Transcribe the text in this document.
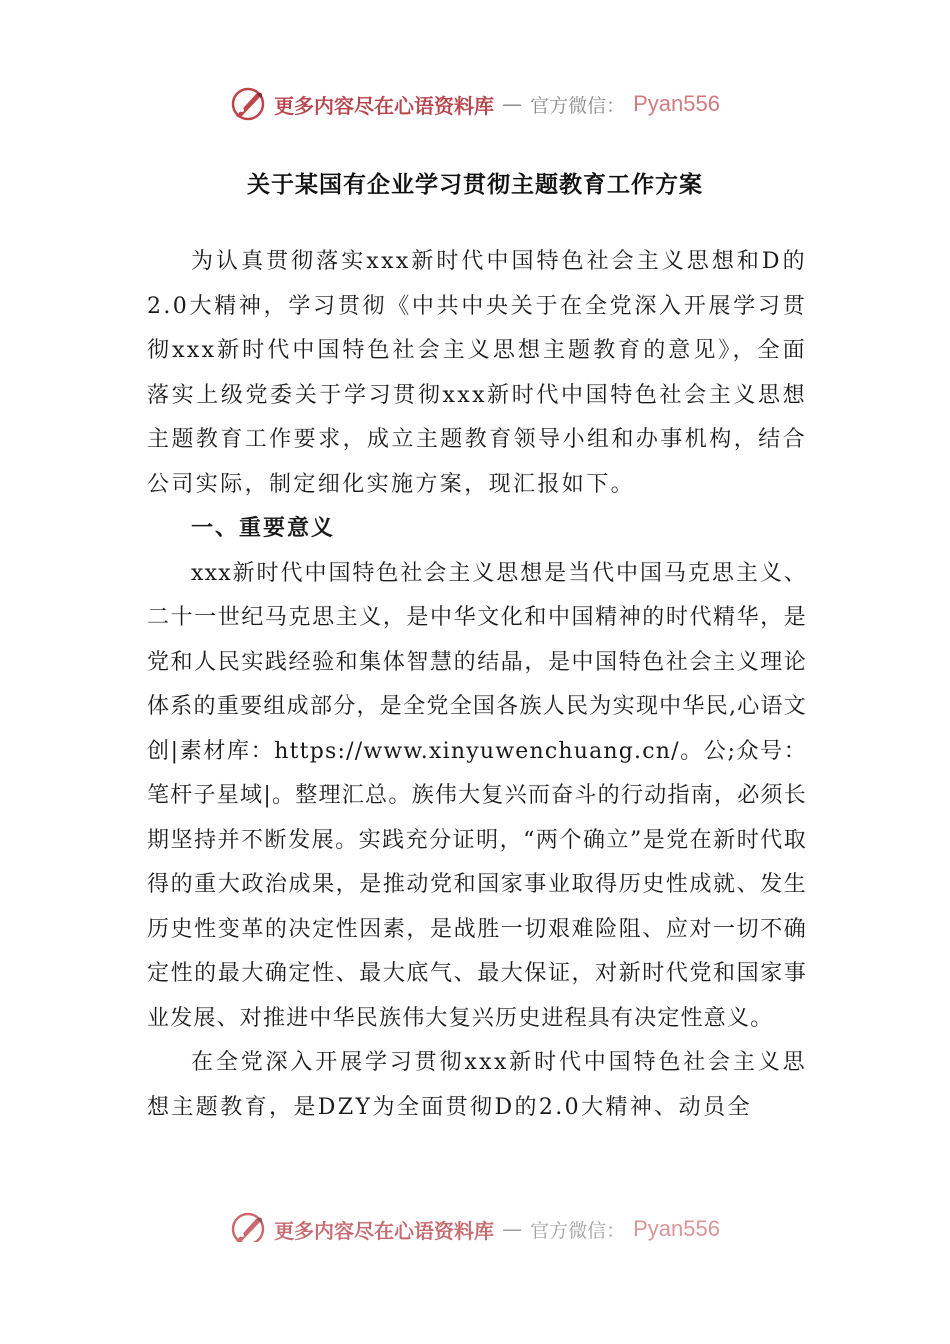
更多内容尽在心语资料库 — 官方微信： Pyan556
关于某国有企业学习贯彻主题教育工作方案

为认真贯彻落实xxx新时代中国特色社会主义思想和D的2.0大精神，学习贯彻《中共中央关于在全党深入开展学习贯彻xxx新时代中国特色社会主义思想主题教育的意见》，全面落实上级党委关于学习贯彻xxx新时代中国特色社会主义思想主题教育工作要求，成立主题教育领导小组和办事机构，结合公司实际，制定细化实施方案，现汇报如下。

一、重要意义

xxx新时代中国特色社会主义思想是当代中国马克思主义、二十一世纪马克思主义，是中华文化和中国精神的时代精华，是党和人民实践经验和集体智慧的结晶，是中国特色社会主义理论体系的重要组成部分，是全党全国各族人民为实现中华民,心语文创|素材库：https://www.xinyuwenchuang.cn/。公;众号：笔杆子星域|。整理汇总。族伟大复兴而奋斗的行动指南，必须长期坚持并不断发展。实践充分证明，“两个确立”是党在新时代取得的重大政治成果，是推动党和国家事业取得历史性成就、发生历史性变革的决定性因素，是战胜一切艰难险阻、应对一切不确定性的最大确定性、最大底气、最大保证，对新时代党和国家事业发展、对推进中华民族伟大复兴历史进程具有决定性意义。

在全党深入开展学习贯彻xxx新时代中国特色社会主义思想主题教育，是DZY为全面贯彻D的2.0大精神、动员全

更多内容尽在心语资料库 — 官方微信： Pyan556
